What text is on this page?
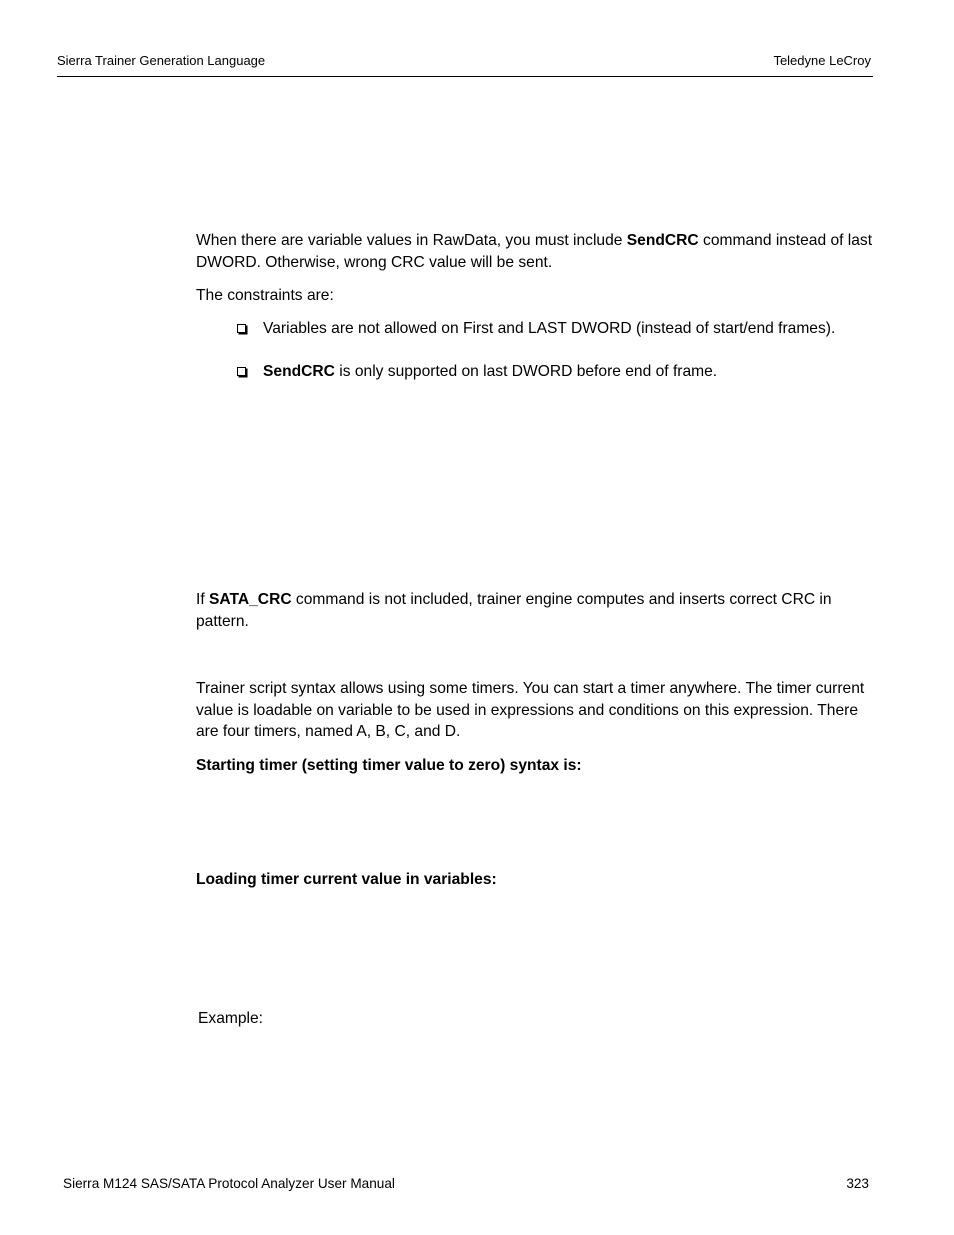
Sierra Trainer Generation Language	Teledyne LeCroy
When there are variable values in RawData, you must include SendCRC command instead of last DWORD. Otherwise, wrong CRC value will be sent.
The constraints are:
Variables are not allowed on First and LAST DWORD (instead of start/end frames).
SendCRC is only supported on last DWORD before end of frame.
If SATA_CRC command is not included, trainer engine computes and inserts correct CRC in pattern.
Trainer script syntax allows using some timers. You can start a timer anywhere. The timer current value is loadable on variable to be used in expressions and conditions on this expression. There are four timers, named A, B, C, and D.
Starting timer (setting timer value to zero) syntax is:
Loading timer current value in variables:
Example:
Sierra M124 SAS/SATA Protocol Analyzer User Manual	323
